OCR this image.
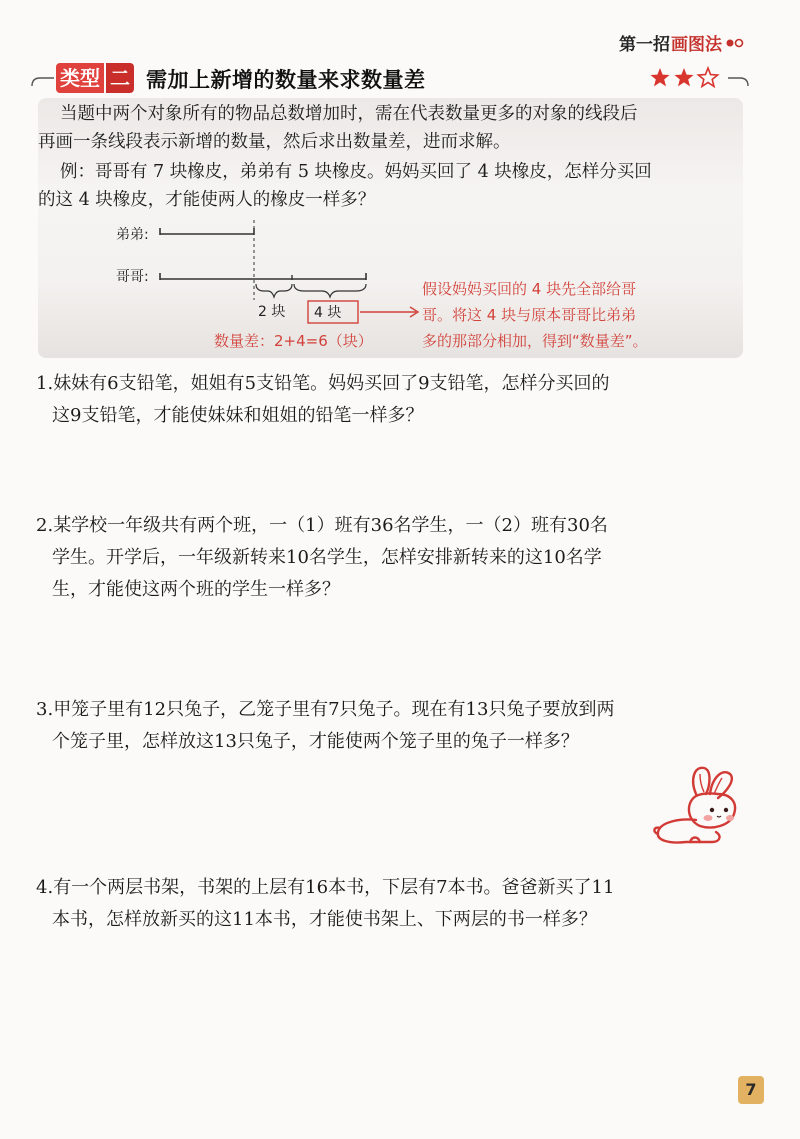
第一招 画图法
类型 二 需加上新增的数量来求数量差
当题中两个对象所有的物品总数增加时，需在代表数量更多的对象的线段后
再画一条线段表示新增的数量，然后求出数量差，进而求解。
例：哥哥有 7 块橡皮，弟弟有 5 块橡皮。妈妈买回了 4 块橡皮，怎样分买回
的这 4 块橡皮，才能使两人的橡皮一样多？
弟弟:
哥哥:
2 块 4 块
数量差：2+4=6（块）
假设妈妈买回的 4 块先全部给哥
哥。将这 4 块与原本哥哥比弟弟
多的那部分相加，得到“数量差”。
1.妹妹有6支铅笔，姐姐有5支铅笔。妈妈买回了9支铅笔，怎样分买回的
这9支铅笔，才能使妹妹和姐姐的铅笔一样多？
2.某学校一年级共有两个班，一（1）班有36名学生，一（2）班有30名
学生。开学后，一年级新转来10名学生，怎样安排新转来的这10名学
生，才能使这两个班的学生一样多？
3.甲笼子里有12只兔子，乙笼子里有7只兔子。现在有13只兔子要放到两
个笼子里，怎样放这13只兔子，才能使两个笼子里的兔子一样多？
4.有一个两层书架，书架的上层有16本书，下层有7本书。爸爸新买了11
本书，怎样放新买的这11本书，才能使书架上、下两层的书一样多？
7
